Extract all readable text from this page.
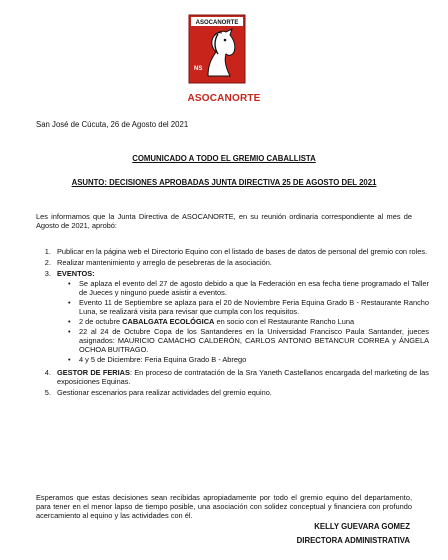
ASOCANORTE
NS
ASOCANORTE
San José de Cúcuta, 26 de Agosto del 2021
COMUNICADO A TODO EL GREMIO CABALLISTA
ASUNTO: DECISIONES APROBADAS JUNTA DIRECTIVA 25 DE AGOSTO DEL 2021
Les informamos que la Junta Directiva de ASOCANORTE, en su reunión ordinaria correspondiente al mes de Agosto de 2021, aprobó:
1. Publicar en la página web el Directorio Equino con el listado de bases de datos de personal del gremio con roles.
2. Realizar mantenimiento y arreglo de pesebreras de la asociación.
3. EVENTOS:
• Se aplaza el evento del 27 de agosto debido a que la Federación en esa fecha tiene programado el Taller de Jueces y ninguno puede asistir a eventos.
• Evento 11 de Septiembre se aplaza para el 20 de Noviembre Feria Equina Grado B - Restaurante Rancho Luna, se realizará visita para revisar que cumpla con los requisitos.
• 2 de octubre CABALGATA ECOLÓGICA en socio con el Restaurante Rancho Luna
• 22 al 24 de Octubre Copa de los Santanderes en la Universidad Francisco Paula Santander, jueces asignados: MAURICIO CAMACHO CALDERÓN, CARLOS ANTONIO BETANCUR CORREA y ÁNGELA OCHOA BUITRAGO.
• 4 y 5 de Diciembre: Feria Equina Grado B - Abrego
4. GESTOR DE FERIAS: En proceso de contratación de la Sra Yaneth Castellanos encargada del marketing de las exposiciones Equinas.
5. Gestionar escenarios para realizar actividades del gremio equino.
Esperamos que estas decisiones sean recibidas apropiadamente por todo el gremio equino del departamento, para tener en el menor lapso de tiempo posible, una asociación con solidez conceptual y financiera con profundo acercamiento al equino y las actividades con él.
KELLY GUEVARA GOMEZ
DIRECTORA ADMINISTRATIVA
